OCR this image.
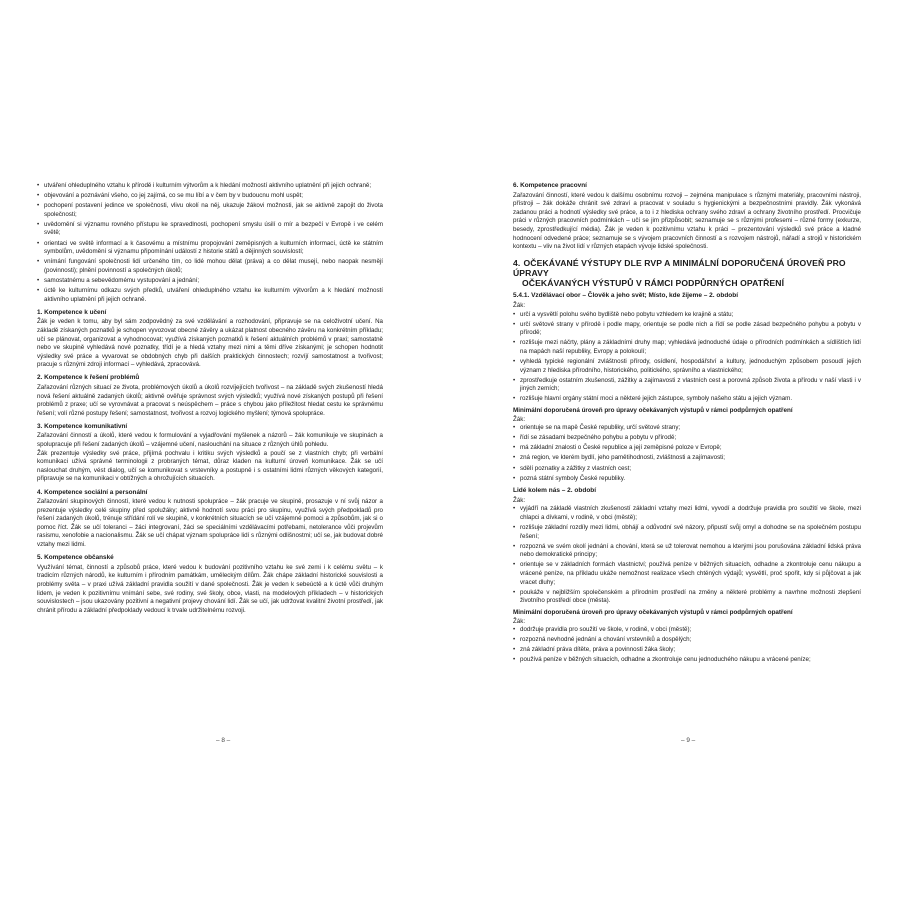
• utváření ohleduplného vztahu k přírodě i kulturním výtvorům a k hledání možností aktivního uplatnění při jejich ochraně;
• objevování a poznávání všeho, co jej zajímá, co se mu líbí a v čem by v budoucnu mohl uspět;
• pochopení postavení jedince ve společnosti, vlivu okolí na něj, ukazuje žákovi možnosti, jak se aktivně zapojit do života společnosti;
• uvědomění si významu rovného přístupu ke spravedlnosti, pochopení smyslu úsilí o mír a bezpečí v Evropě i ve celém světě;
• orientaci ve světě informací a k časovému a místnímu propojování zeměpisných a kulturních informací, úctě ke státním symbolům, uvědomění si významu připomínání událostí z historie států a dějinných souvislostí;
• vnímání fungování společnosti lidí určeného tím, co lidé mohou dělat (práva) a co dělat musejí, nebo naopak nesmějí (povinnosti); plnění povinností a společných úkolů;
• samostatnému a sebevědomému vystupování a jednání;
• úctě ke kulturnímu odkazu svých předků, utváření ohleduplného vztahu ke kulturním výtvorům a k hledání možností aktivního uplatnění při jejich ochraně.
1. Kompetence k učení

Žák je veden k tomu, aby byl sám zodpovědný za své vzdělávání a rozhodování, připravuje se na celoživotní učení. Na základě získaných poznatků je schopen vyvozovat obecné závěry a ukázat platnost obecného závěru na konkrétním příkladu; učí se plánovat, organizovat a vyhodnocovat; využívá získaných poznatků k řešení aktuálních problémů v praxi; samostatně nebo ve skupině vyhledává nové poznatky, třídí je a hledá vztahy mezi nimi a těmi dříve získanými; je schopen hodnotit výsledky své práce a vyvarovat se obdobných chyb při dalších praktických činnostech; rozvíjí samostatnost a tvořivost; pracuje s různými zdroji informací – vyhledává, zpracovává.

2. Kompetence k řešení problémů

Zařazování různých situací ze života, problémových úkolů a úkolů rozvíjejících tvořivost – na základě svých zkušeností hledá nová řešení aktuálně zadaných úkolů; aktivně ověřuje správnost svých výsledků; využívá nové získaných postupů při řešení problémů z praxe; učí se vyrovnávat a pracovat s neúspěchem – práce s chybou jako příležitost hledat cestu ke správnému řešení; volí různé postupy řešení; samostatnost, tvořivost a rozvoj logického myšlení; týmová spolupráce.

3. Kompetence komunikativní

Zařazování činností a úkolů, které vedou k formulování a vyjadřování myšlenek a názorů – žák komunikuje ve skupinách a spolupracuje při řešení zadaných úkolů – vzájemné učení, naslouchání na situace z různých úhlů pohledu.

Žák prezentuje výsledky své práce, přijímá pochvalu i kritiku svých výsledků a poučí se z vlastních chyb; při verbální komunikaci užívá správné terminologii z probraných témat, důraz kladen na kulturní úroveň komunikace. Žák se učí naslouchat druhým, vést dialog, učí se komunikovat s vrstevníky a postupně i s ostatními lidmi různých věkových kategorií, připravuje se na komunikaci v obtížných a ohrožujících situacích.

4. Kompetence sociální a personální

Zařazování skupinových činností, které vedou k nutnosti spolupráce – žák pracuje ve skupině, prosazuje v ní svůj názor a prezentuje výsledky celé skupiny před spolužáky; aktivně hodnotí svou práci pro skupinu, využívá svých předpokladů pro řešení zadaných úkolů, trénuje střídání rolí ve skupině, v konkrétních situacích se učí vzájemné pomoci a způsobům, jak si o pomoc říct. Žák se učí toleranci – žáci integrovaní, žáci se speciálními vzdělávacími potřebami, netolerance vůči projevům rasismu, xenofobie a nacionalismu. Žák se učí chápat význam spolupráce lidí s různými odlišnostmi; učí se, jak budovat dobré vztahy mezi lidmi.

5. Kompetence občanské

Využívání témat, činností a způsobů práce, které vedou k budování pozitivního vztahu ke své zemi i k celému světu – k tradicím různých národů, ke kulturním i přírodním památkám, uměleckým dílům. Žák chápe základní historické souvislosti a problémy světa – v praxi užívá základní pravidla soužití v dané společnosti. Žák je veden k sebeúctě a k úctě vůči druhým lidem, je veden k pozitivnímu vnímání sebe, své rodiny, své školy, obce, vlasti, na modelových příkladech – v historických souvislostech – jsou ukazovány pozitivní a negativní projevy chování lidí. Žák se učí, jak udržovat kvalitní životní prostředí, jak chránit přírodu a základní předpoklady vedoucí k trvale udržitelnému rozvoji.

– 8 –
6. Kompetence pracovní

Zařazování činností, které vedou k dalšímu osobnímu rozvoji – zejména manipulace s různými materiály, pracovními nástroji, přístroji – žák dokáže chránit své zdraví a pracovat v souladu s hygienickými a bezpečnostními pravidly. Žák vykonává zadanou práci a hodnotí výsledky své práce, a to i z hlediska ochrany svého zdraví a ochrany životního prostředí. Procvičuje práci v různých pracovních podmínkách – učí se jim přizpůsobit; seznamuje se s různými profesemi – různé formy (exkurze, besedy, zprostředkující média). Žák je veden k pozitivnímu vztahu k práci – prezentování výsledků své práce a kladné hodnocení odvedené práce; seznamuje se s vývojem pracovních činností a s rozvojem nástrojů, nářadí a strojů v historickém kontextu – vliv na život lidí v různých etapách vývoje lidské společnosti.

4. OČEKÁVANÉ VÝSTUPY DLE RVP A MINIMÁLNÍ DOPORUČENÁ ÚROVEŇ PRO ÚPRAVY
OČEKÁVANÝCH VÝSTUPŮ V RÁMCI PODPŮRNÝCH OPATŘENÍ
5.4.1. Vzdělávací obor – Člověk a jeho svět; Místo, kde žijeme – 2. období
Žák:
• určí a vysvětlí polohu svého bydliště nebo pobytu vzhledem ke krajině a státu;
• určí světové strany v přírodě i podle mapy, orientuje se podle nich a řídí se podle zásad bezpečného pohybu a pobytu v přírodě;
• rozlišuje mezi náčrty, plány a základními druhy map; vyhledává jednoduché údaje o přírodních podmínkách a sídlištích lidí na mapách naší republiky, Evropy a polokoulí;
• vyhledá typické regionální zvláštnosti přírody, osídlení, hospodářství a kultury, jednoduchým způsobem posoudí jejich význam z hlediska přírodního, historického, politického, správního a vlastnického;
• zprostředkuje ostatním zkušenosti, zážitky a zajímavosti z vlastních cest a porovná způsob života a přírodu v naší vlasti i v jiných zemích;
• rozlišuje hlavní orgány státní moci a některé jejich zástupce, symboly našeho státu a jejich význam.
Minimální doporučená úroveň pro úpravy očekávaných výstupů v rámci podpůrných opatření
Žák:
• orientuje se na mapě České republiky, určí světové strany;
• řídí se zásadami bezpečného pohybu a pobytu v přírodě;
• má základní znalosti o České republice a její zeměpisné poloze v Evropě;
• zná region, ve kterém bydlí, jeho pamětihodnosti, zvláštnosti a zajímavosti;
• sdělí poznatky a zážitky z vlastních cest;
• pozná státní symboly České republiky.
Lidé kolem nás – 2. období
Žák:
• vyjádří na základě vlastních zkušeností základní vztahy mezi lidmi, vyvodí a dodržuje pravidla pro soužití ve škole, mezi chlapci a dívkami, v rodině, v obci (městě);
• rozlišuje základní rozdíly mezi lidmi, obhájí a odůvodní své názory, připustí svůj omyl a dohodne se na společném postupu řešení;
• rozpozná ve svém okolí jednání a chování, která se už tolerovat nemohou a kterými jsou porušována základní lidská práva nebo demokratické principy;
• orientuje se v základních formách vlastnictví; používá peníze v běžných situacích, odhadne a zkontroluje cenu nákupu a vrácené peníze, na příkladu ukáže nemožnost realizace všech chtěných výdajů; vysvětlí, proč spořit, kdy si půjčovat a jak vracet dluhy;
• poukáže v nejbližším společenském a přírodním prostředí na změny a některé problémy a navrhne možnosti zlepšení životního prostředí obce (města).
Minimální doporučená úroveň pro úpravy očekávaných výstupů v rámci podpůrných opatření
Žák:
• dodržuje pravidla pro soužití ve škole, v rodině, v obci (městě);
• rozpozná nevhodné jednání a chování vrstevníků a dospělých;
• zná základní práva dítěte, práva a povinnosti žáka školy;
• používá peníze v běžných situacích, odhadne a zkontroluje cenu jednoduchého nákupu a vrácené peníze;
– 9 –
